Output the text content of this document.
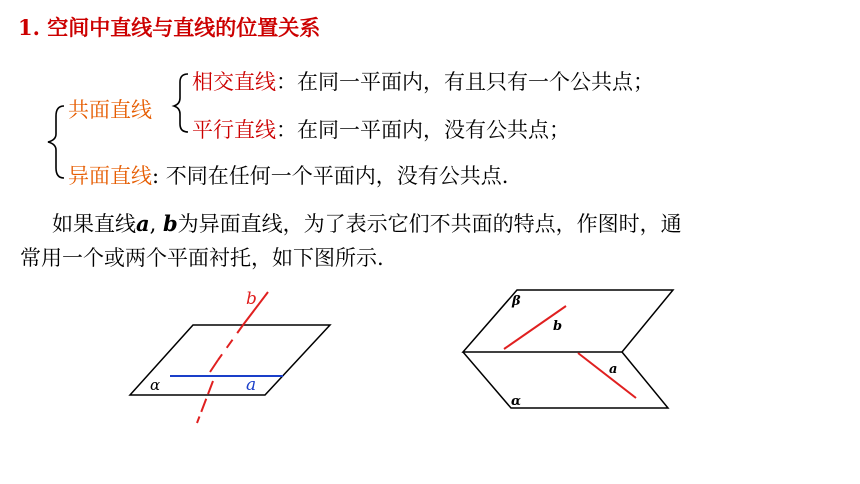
1. 空间中直线与直线的位置关系
共面直线
相交直线：在同一平面内，有且只有一个公共点；
平行直线：在同一平面内，没有公共点；
异面直线: 不同在任何一个平面内，没有公共点.
如果直线a, b为异面直线，为了表示它们不共面的特点，作图时，通
常用一个或两个平面衬托，如下图所示.
b
α	a
β
b
a
α
